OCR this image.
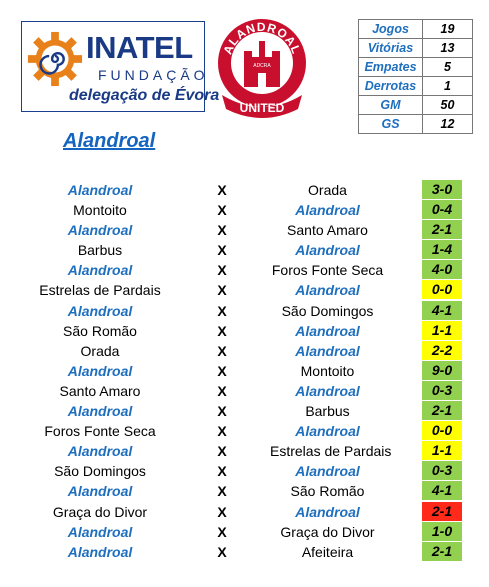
INATEL
FUNDAÇÃO
delegação de Évora
ALANDROAL
ADCRA
UNITED
Jogos	19
Vitórias	13
Empates	5
Derrotas	1
GM	50
GS	12
Alandroal
Alandroal	X	Orada	3-0
Montoito	X	Alandroal	0-4
Alandroal	X	Santo Amaro	2-1
Barbus	X	Alandroal	1-4
Alandroal	X	Foros Fonte Seca	4-0
Estrelas de Pardais	X	Alandroal	0-0
Alandroal	X	São Domingos	4-1
São Romão	X	Alandroal	1-1
Orada	X	Alandroal	2-2
Alandroal	X	Montoito	9-0
Santo Amaro	X	Alandroal	0-3
Alandroal	X	Barbus	2-1
Foros Fonte Seca	X	Alandroal	0-0
Alandroal	X	Estrelas de Pardais	1-1
São Domingos	X	Alandroal	0-3
Alandroal	X	São Romão	4-1
Graça do Divor	X	Alandroal	2-1
Alandroal	X	Graça do Divor	1-0
Alandroal	X	Afeiteira	2-1
